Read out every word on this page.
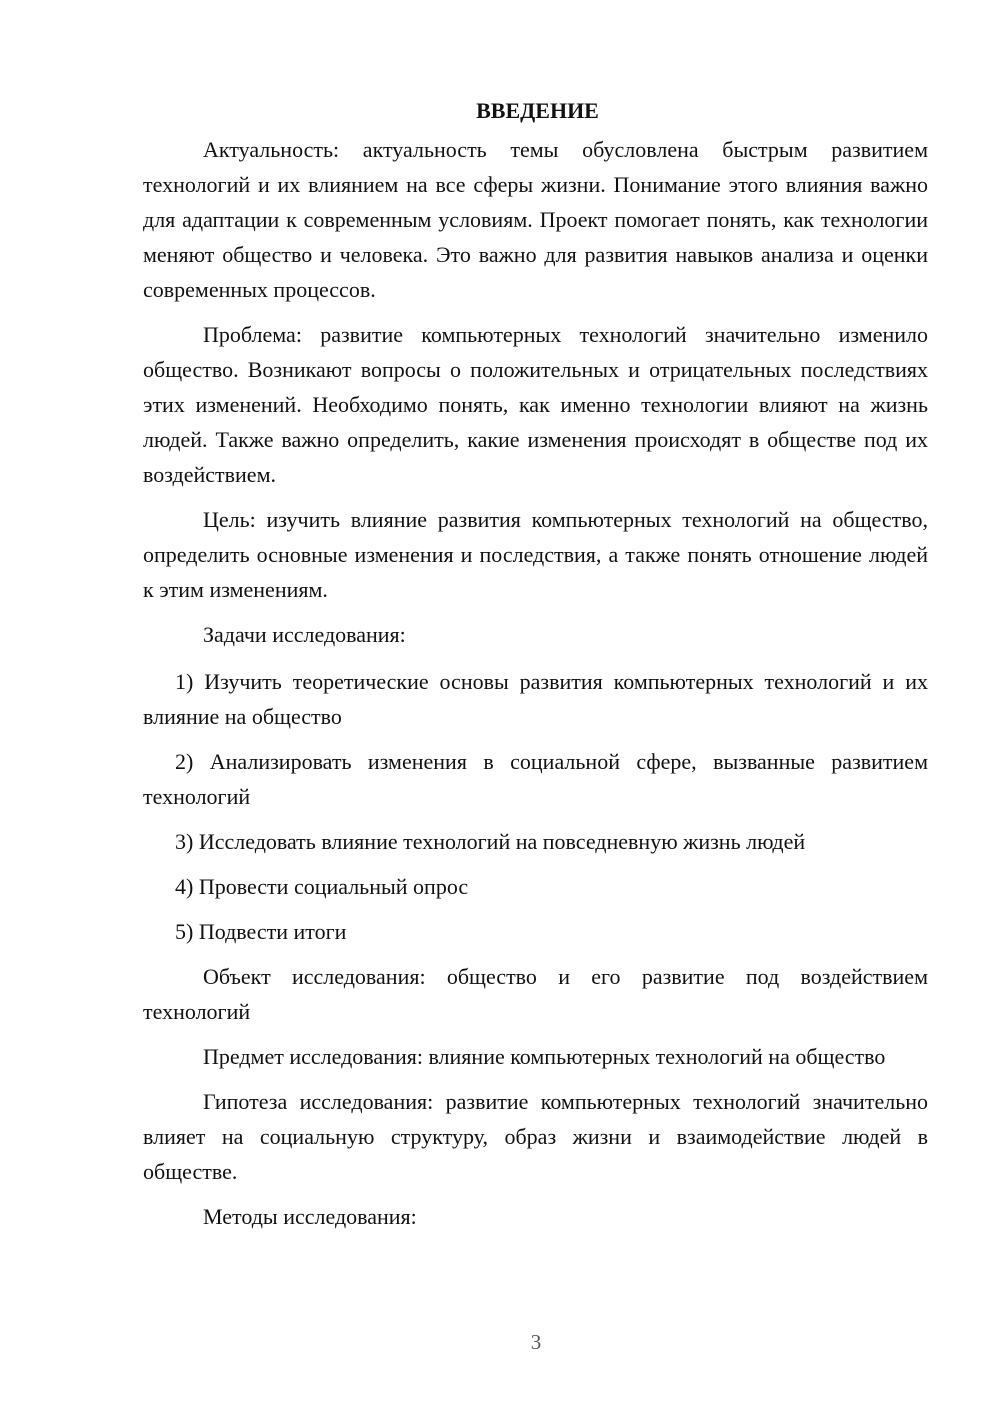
ВВЕДЕНИЕ

Актуальность: актуальность темы обусловлена быстрым развитием технологий и их влиянием на все сферы жизни. Понимание этого влияния важно для адаптации к современным условиям. Проект помогает понять, как технологии меняют общество и человека. Это важно для развития навыков анализа и оценки современных процессов.

Проблема: развитие компьютерных технологий значительно изменило общество. Возникают вопросы о положительных и отрицательных последствиях этих изменений. Необходимо понять, как именно технологии влияют на жизнь людей. Также важно определить, какие изменения происходят в обществе под их воздействием.

Цель: изучить влияние развития компьютерных технологий на общество, определить основные изменения и последствия, а также понять отношение людей к этим изменениям.

Задачи исследования:

1) Изучить теоретические основы развития компьютерных технологий и их влияние на общество

2) Анализировать изменения в социальной сфере, вызванные развитием технологий

3) Исследовать влияние технологий на повседневную жизнь людей

4) Провести социальный опрос

5) Подвести итоги

Объект исследования: общество и его развитие под воздействием технологий

Предмет исследования: влияние компьютерных технологий на общество

Гипотеза исследования: развитие компьютерных технологий значительно влияет на социальную структуру, образ жизни и взаимодействие людей в обществе.

Методы исследования:

3
